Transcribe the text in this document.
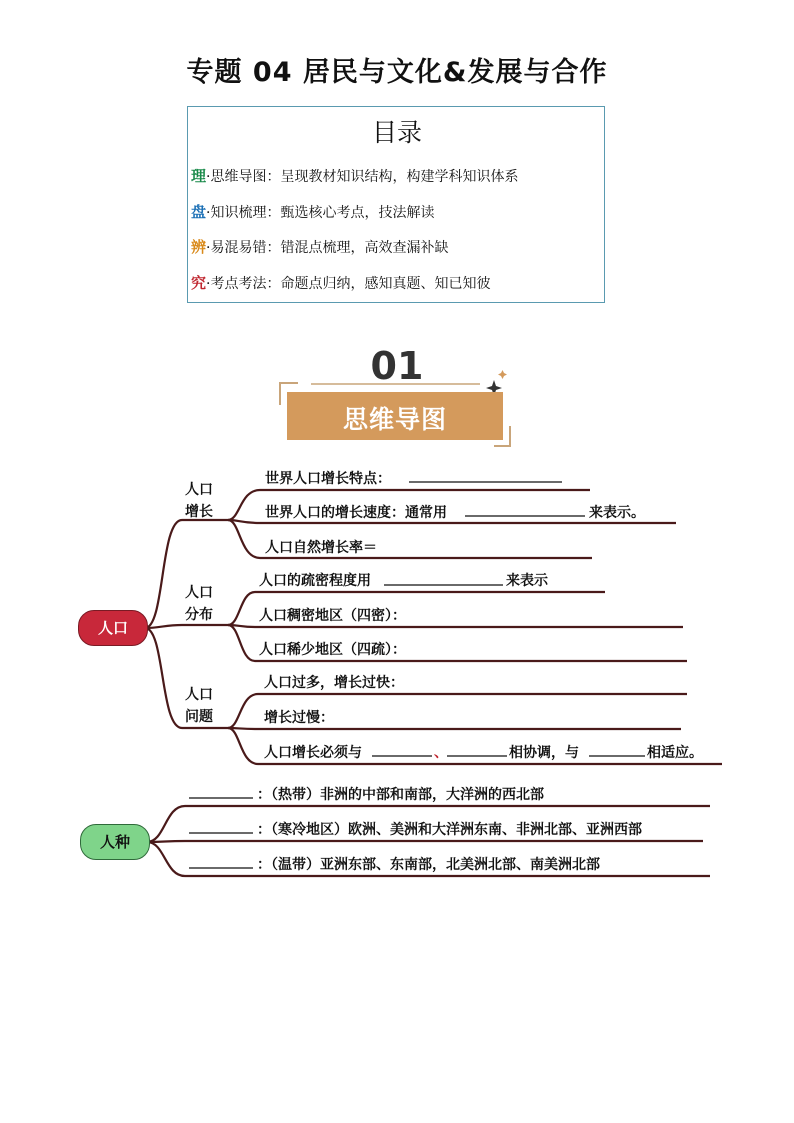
专题 04 居民与文化&发展与合作
目录
理·思维导图：呈现教材知识结构，构建学科知识体系
盘·知识梳理：甄选核心考点，技法解读
辨·易混易错：错混点梳理，高效查漏补缺
究·考点考法：命题点归纳，感知真题、知已知彼
01
思维导图
人口
人口
增长
人口
分布
人口
问题
世界人口增长特点：
世界人口的增长速度：通常用	来表示。
人口自然增长率＝
人口的疏密程度用	来表示
人口稠密地区（四密）：
人口稀少地区（四疏）：
人口过多，增长过快：
增长过慢：
人口增长必须与	、	相协调，与	相适应。
人种
：（热带）非洲的中部和南部，大洋洲的西北部
：（寒冷地区）欧洲、美洲和大洋洲东南、非洲北部、亚洲西部
：（温带）亚洲东部、东南部，北美洲北部、南美洲北部
